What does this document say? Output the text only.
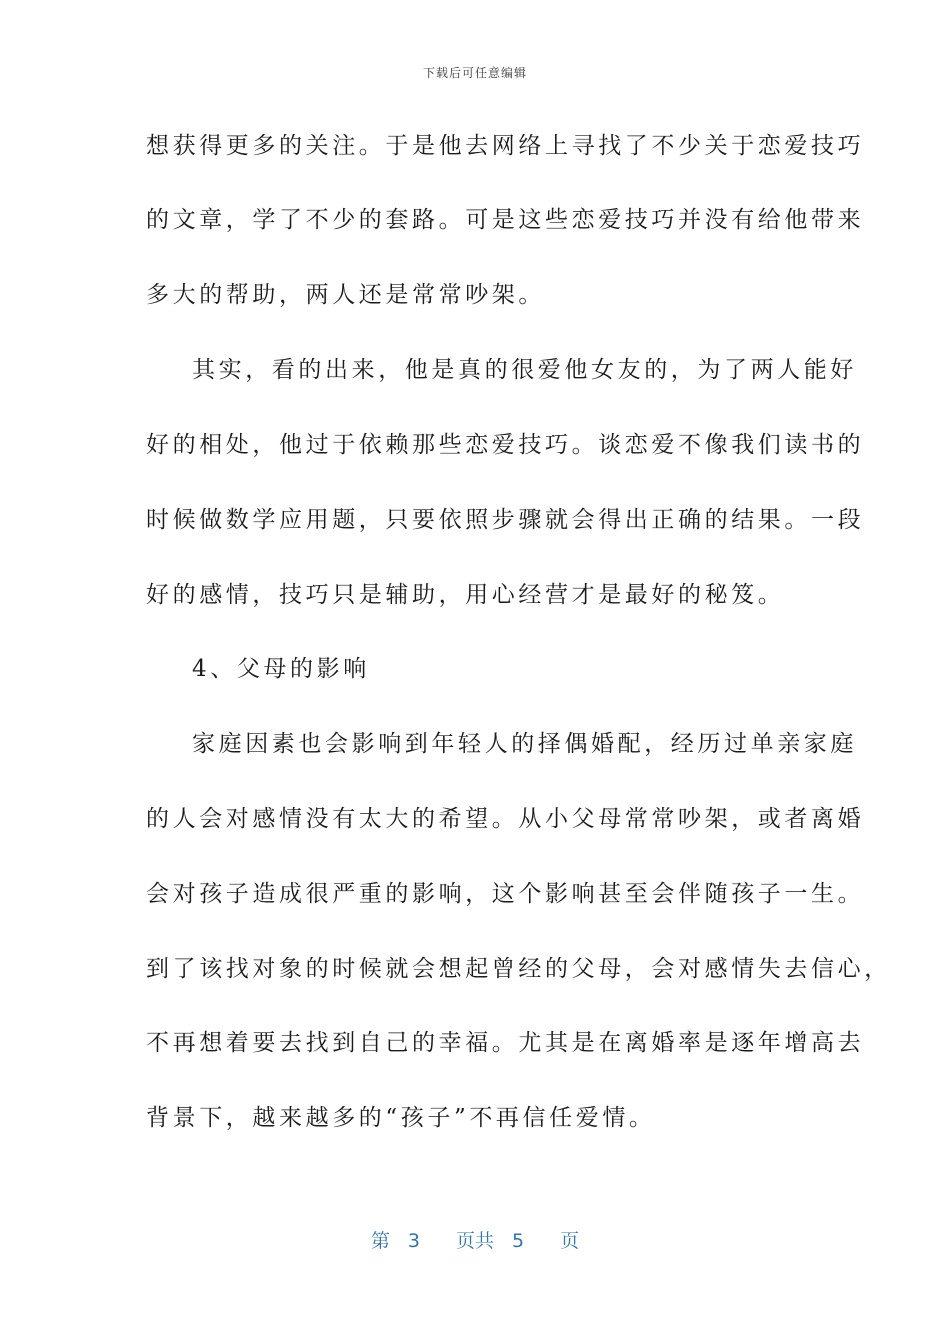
下载后可任意编辑
想获得更多的关注。于是他去网络上寻找了不少关于恋爱技巧
的文章，学了不少的套路。可是这些恋爱技巧并没有给他带来
多大的帮助，两人还是常常吵架。
其实，看的出来，他是真的很爱他女友的，为了两人能好
好的相处，他过于依赖那些恋爱技巧。谈恋爱不像我们读书的
时候做数学应用题，只要依照步骤就会得出正确的结果。一段
好的感情，技巧只是辅助，用心经营才是最好的秘笈。
4、父母的影响
家庭因素也会影响到年轻人的择偶婚配，经历过单亲家庭
的人会对感情没有太大的希望。从小父母常常吵架，或者离婚
会对孩子造成很严重的影响，这个影响甚至会伴随孩子一生。
到了该找对象的时候就会想起曾经的父母，会对感情失去信心，
不再想着要去找到自己的幸福。尤其是在离婚率是逐年增高去
背景下，越来越多的“孩子”不再信任爱情。
第 3 页共 5 页
